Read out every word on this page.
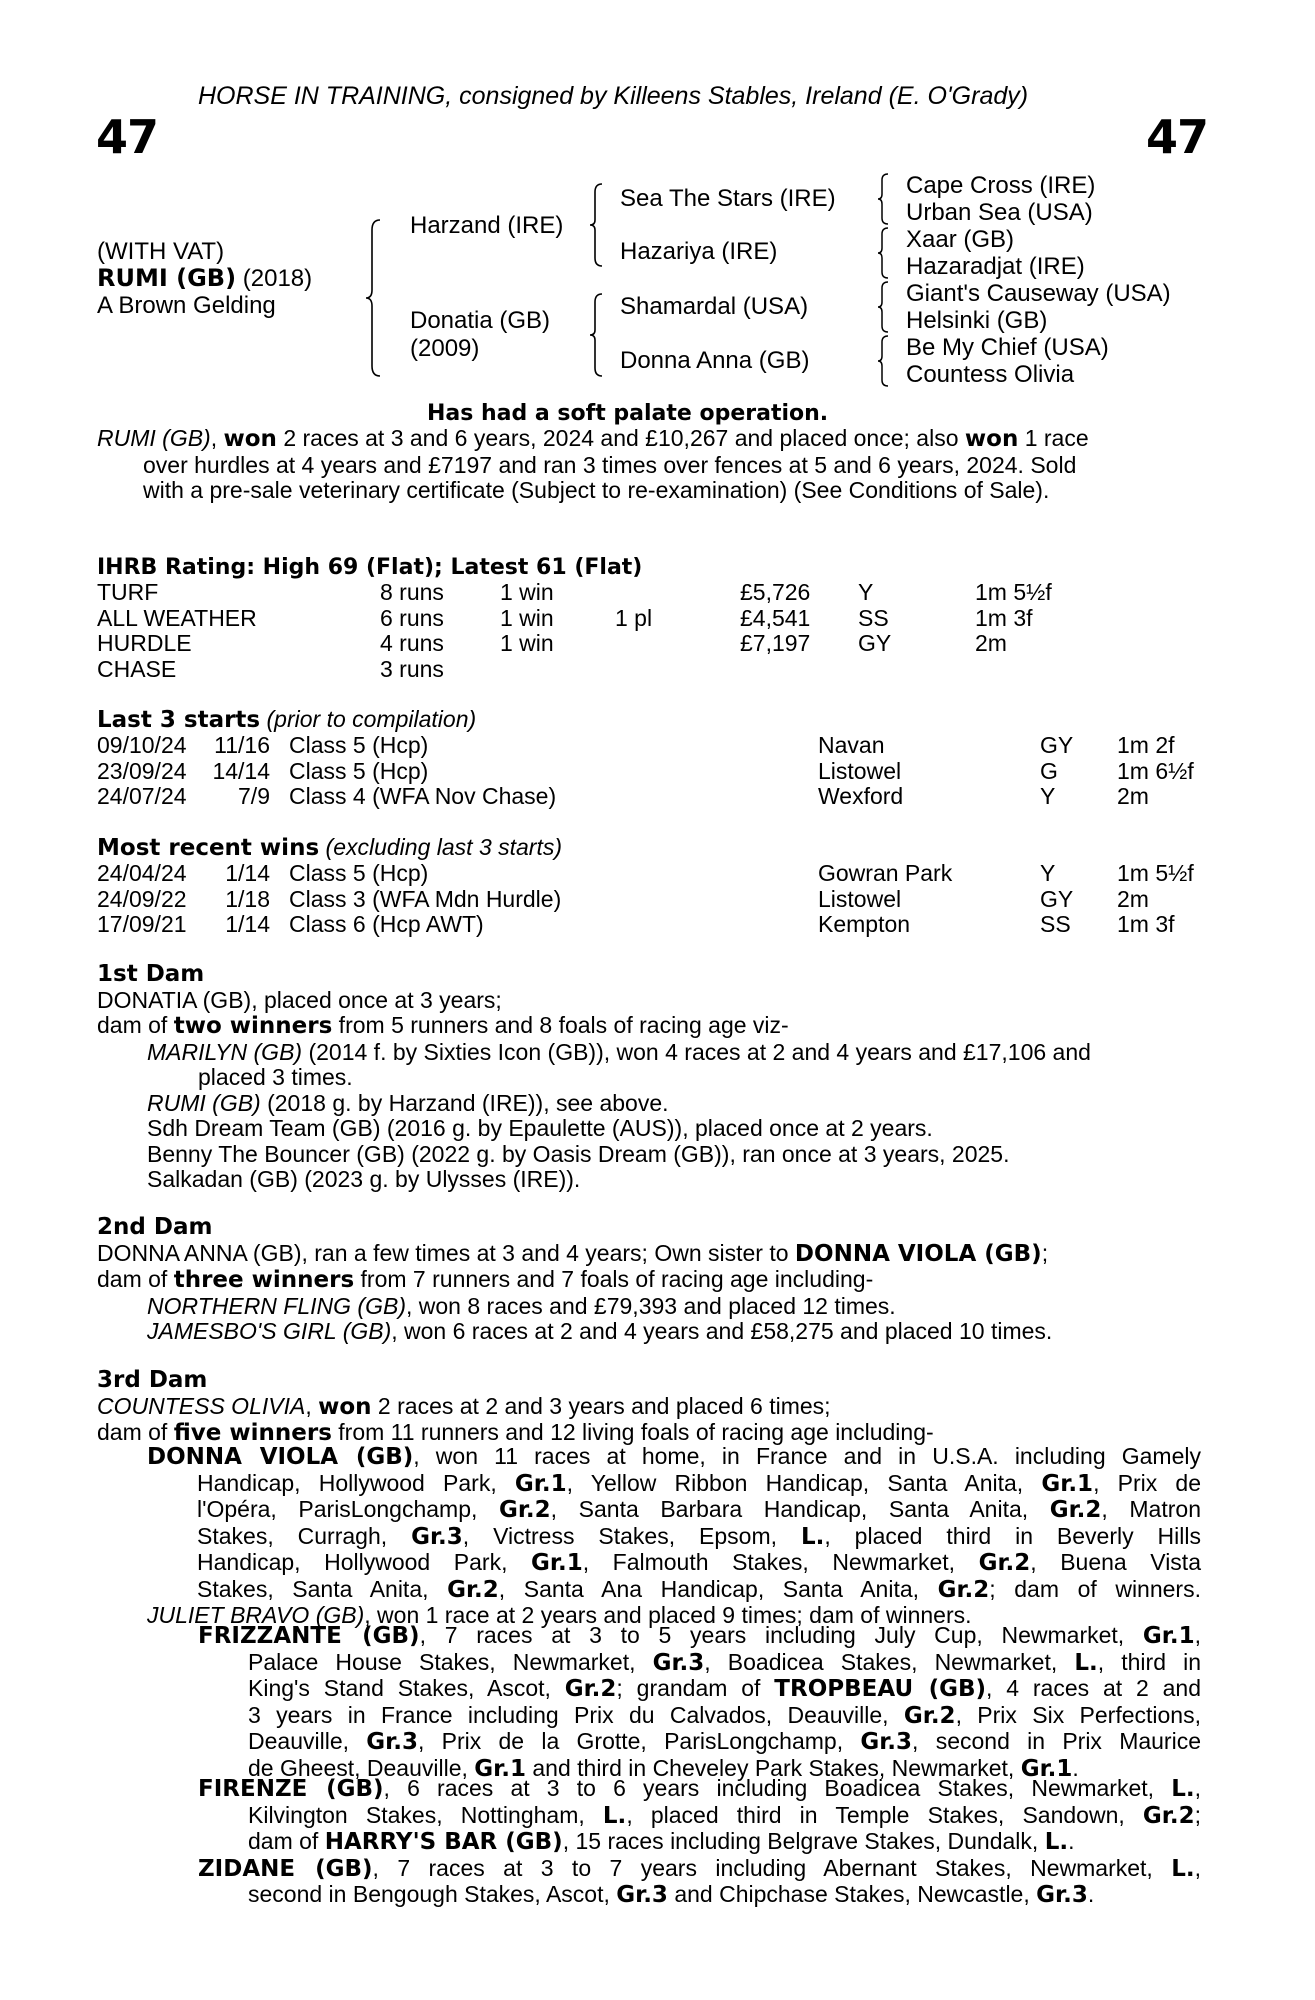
HORSE IN TRAINING, consigned by Killeens Stables, Ireland (E. O'Grady)
47	47
(WITH VAT)
RUMI (GB) (2018)
A Brown Gelding
Harzand (IRE)
Donatia (GB)
(2009)
Sea The Stars (IRE)
Hazariya (IRE)
Shamardal (USA)
Donna Anna (GB)
Cape Cross (IRE)
Urban Sea (USA)
Xaar (GB)
Hazaradjat (IRE)
Giant's Causeway (USA)
Helsinki (GB)
Be My Chief (USA)
Countess Olivia
Has had a soft palate operation.
RUMI (GB), won 2 races at 3 and 6 years, 2024 and £10,267 and placed once; also won 1 race
over hurdles at 4 years and £7197 and ran 3 times over fences at 5 and 6 years, 2024. Sold
with a pre-sale veterinary certificate (Subject to re-examination) (See Conditions of Sale).
IHRB Rating: High 69 (Flat); Latest 61 (Flat)
TURF	8 runs 1 win	£5,726 Y	1m 5½f
ALL WEATHER	6 runs 1 win	1 pl	£4,541 SS	1m 3f
HURDLE	4 runs 1 win	£7,197 GY	2m
CHASE	3 runs
Last 3 starts (prior to compilation)
09/10/24 11/16 Class 5 (Hcp)	Navan	GY 1m 2f
23/09/24 14/14 Class 5 (Hcp)	Listowel	G	1m 6½f
24/07/24 7/9 Class 4 (WFA Nov Chase)	Wexford	Y	2m
Most recent wins (excluding last 3 starts)
24/04/24 1/14 Class 5 (Hcp)	Gowran Park	Y	1m 5½f
24/09/22 1/18 Class 3 (WFA Mdn Hurdle)	Listowel	GY 2m
17/09/21 1/14 Class 6 (Hcp AWT)	Kempton	SS 1m 3f
1st Dam
DONATIA (GB), placed once at 3 years;
dam of two winners from 5 runners and 8 foals of racing age viz-
MARILYN (GB) (2014 f. by Sixties Icon (GB)), won 4 races at 2 and 4 years and £17,106 and
placed 3 times.
RUMI (GB) (2018 g. by Harzand (IRE)), see above.
Sdh Dream Team (GB) (2016 g. by Epaulette (AUS)), placed once at 2 years.
Benny The Bouncer (GB) (2022 g. by Oasis Dream (GB)), ran once at 3 years, 2025.
Salkadan (GB) (2023 g. by Ulysses (IRE)).
2nd Dam
DONNA ANNA (GB), ran a few times at 3 and 4 years; Own sister to DONNA VIOLA (GB);
dam of three winners from 7 runners and 7 foals of racing age including-
NORTHERN FLING (GB), won 8 races and £79,393 and placed 12 times.
JAMESBO'S GIRL (GB), won 6 races at 2 and 4 years and £58,275 and placed 10 times.
3rd Dam
COUNTESS OLIVIA, won 2 races at 2 and 3 years and placed 6 times;
dam of five winners from 11 runners and 12 living foals of racing age including-
DONNA VIOLA (GB), won 11 races at home, in France and in U.S.A. including Gamely
Handicap, Hollywood Park, Gr.1, Yellow Ribbon Handicap, Santa Anita, Gr.1, Prix de
l'Opéra, ParisLongchamp, Gr.2, Santa Barbara Handicap, Santa Anita, Gr.2, Matron
Stakes, Curragh, Gr.3, Victress Stakes, Epsom, L., placed third in Beverly Hills
Handicap, Hollywood Park, Gr.1, Falmouth Stakes, Newmarket, Gr.2, Buena Vista
Stakes, Santa Anita, Gr.2, Santa Ana Handicap, Santa Anita, Gr.2; dam of winners.
JULIET BRAVO (GB), won 1 race at 2 years and placed 9 times; dam of winners.
FRIZZANTE (GB), 7 races at 3 to 5 years including July Cup, Newmarket, Gr.1,
Palace House Stakes, Newmarket, Gr.3, Boadicea Stakes, Newmarket, L., third in
King's Stand Stakes, Ascot, Gr.2; grandam of TROPBEAU (GB), 4 races at 2 and
3 years in France including Prix du Calvados, Deauville, Gr.2, Prix Six Perfections,
Deauville, Gr.3, Prix de la Grotte, ParisLongchamp, Gr.3, second in Prix Maurice
de Gheest, Deauville, Gr.1 and third in Cheveley Park Stakes, Newmarket, Gr.1.
FIRENZE (GB), 6 races at 3 to 6 years including Boadicea Stakes, Newmarket, L.,
Kilvington Stakes, Nottingham, L., placed third in Temple Stakes, Sandown, Gr.2;
dam of HARRY'S BAR (GB), 15 races including Belgrave Stakes, Dundalk, L..
ZIDANE (GB), 7 races at 3 to 7 years including Abernant Stakes, Newmarket, L.,
second in Bengough Stakes, Ascot, Gr.3 and Chipchase Stakes, Newcastle, Gr.3.
